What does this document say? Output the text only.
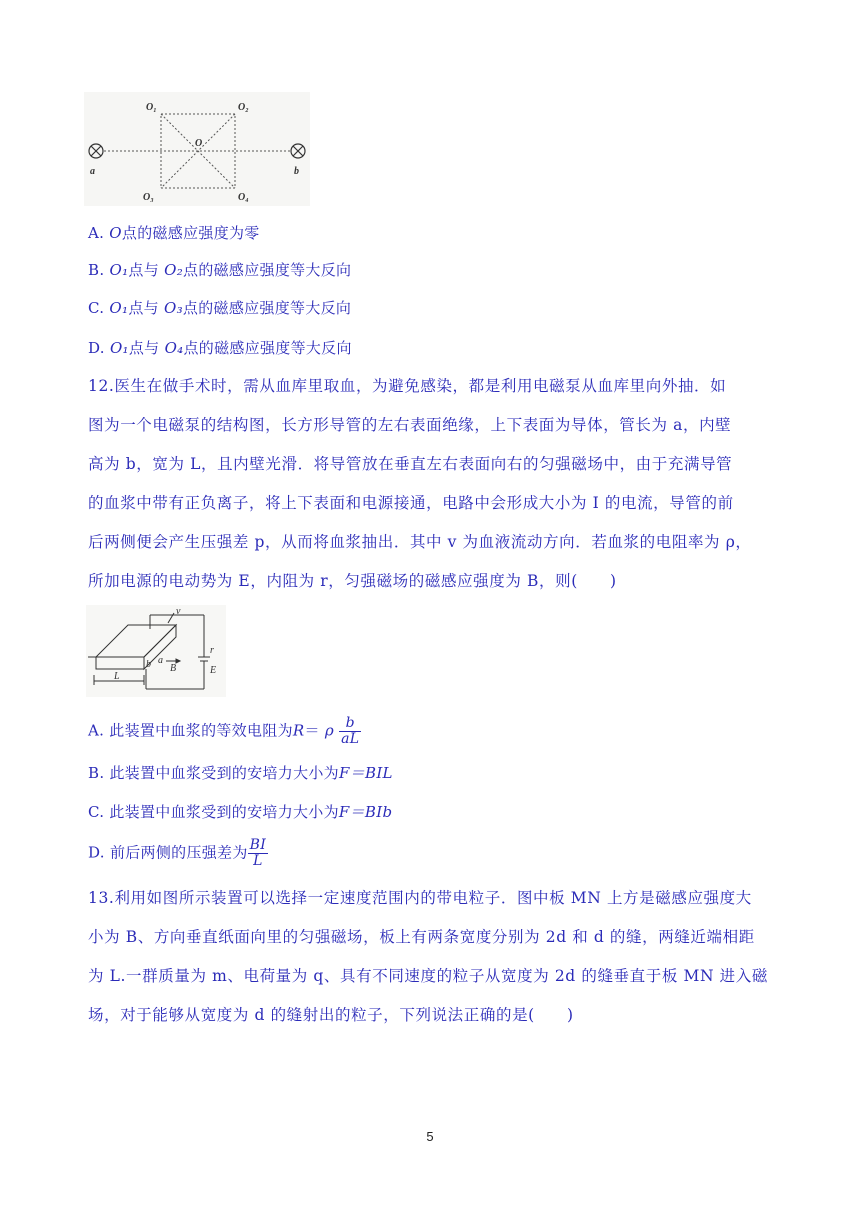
O₁	O₂
O
O₃	O₄
a	b
A. O点的磁感应强度为零
B. O₁点与 O₂点的磁感应强度等大反向
C. O₁点与 O₃点的磁感应强度等大反向
D. O₁点与 O₄点的磁感应强度等大反向
12.医生在做手术时，需从血库里取血，为避免感染，都是利用电磁泵从血库里向外抽．如
图为一个电磁泵的结构图，长方形导管的左右表面绝缘，上下表面为导体，管长为 a，内壁
高为 b，宽为 L，且内壁光滑．将导管放在垂直左右表面向右的匀强磁场中，由于充满导管
的血浆中带有正负离子，将上下表面和电源接通，电路中会形成大小为 I 的电流，导管的前
后两侧便会产生压强差 p，从而将血浆抽出．其中 v 为血液流动方向．若血浆的电阻率为 ρ，
所加电源的电动势为 E，内阻为 r，匀强磁场的磁感应强度为 B，则(　　)
v
a
B
r
E
L
b
A. 此装置中血浆的等效电阻为R＝ ρ $\frac{b}{aL}$
B. 此装置中血浆受到的安培力大小为F＝BIL
C. 此装置中血浆受到的安培力大小为F＝BIb
D. 前后两侧的压强差为 $\frac{BI}{L}$
13.利用如图所示装置可以选择一定速度范围内的带电粒子．图中板 MN 上方是磁感应强度大
小为 B、方向垂直纸面向里的匀强磁场，板上有两条宽度分别为 2d 和 d 的缝，两缝近端相距
为 L.一群质量为 m、电荷量为 q、具有不同速度的粒子从宽度为 2d 的缝垂直于板 MN 进入磁
场，对于能够从宽度为 d 的缝射出的粒子，下列说法正确的是(　　)
5
